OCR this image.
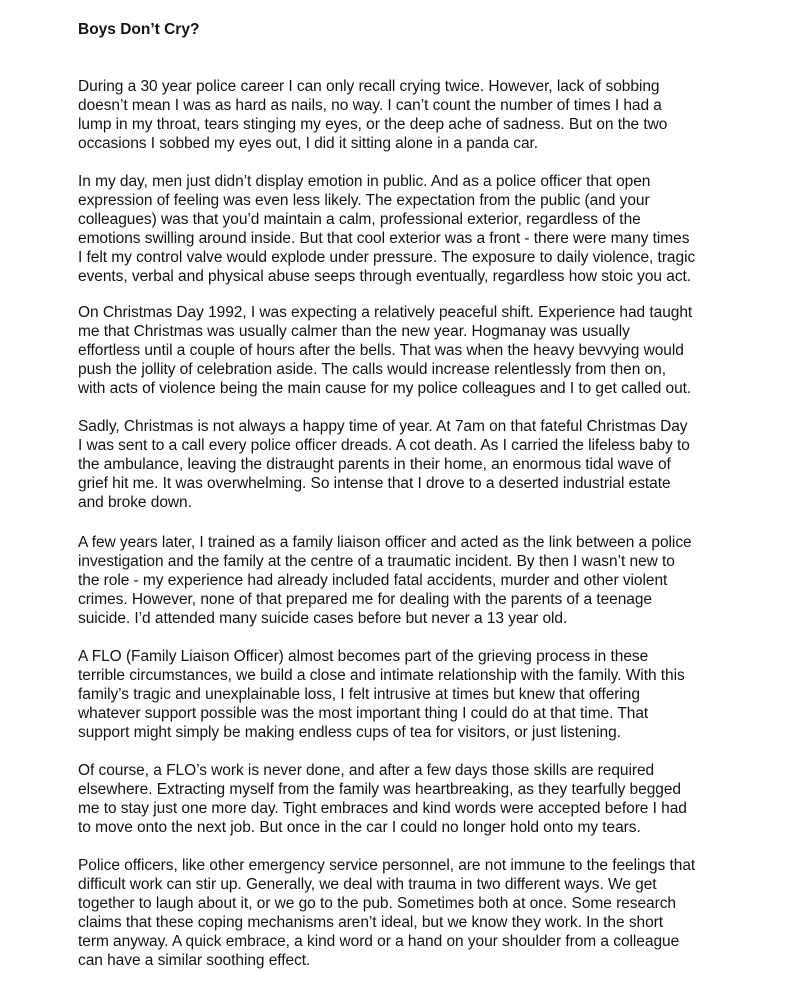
Boys Don’t Cry?

During a 30 year police career I can only recall crying twice. However, lack of sobbing
doesn’t mean I was as hard as nails, no way. I can’t count the number of times I had a
lump in my throat, tears stinging my eyes, or the deep ache of sadness. But on the two
occasions I sobbed my eyes out, I did it sitting alone in a panda car.

In my day, men just didn’t display emotion in public. And as a police officer that open
expression of feeling was even less likely. The expectation from the public (and your
colleagues) was that you’d maintain a calm, professional exterior, regardless of the
emotions swilling around inside. But that cool exterior was a front - there were many times
I felt my control valve would explode under pressure. The exposure to daily violence, tragic
events, verbal and physical abuse seeps through eventually, regardless how stoic you act.

On Christmas Day 1992, I was expecting a relatively peaceful shift. Experience had taught
me that Christmas was usually calmer than the new year. Hogmanay was usually
effortless until a couple of hours after the bells. That was when the heavy bevvying would
push the jollity of celebration aside. The calls would increase relentlessly from then on,
with acts of violence being the main cause for my police colleagues and I to get called out.

Sadly, Christmas is not always a happy time of year. At 7am on that fateful Christmas Day
I was sent to a call every police officer dreads. A cot death. As I carried the lifeless baby to
the ambulance, leaving the distraught parents in their home, an enormous tidal wave of
grief hit me. It was overwhelming. So intense that I drove to a deserted industrial estate
and broke down.

A few years later, I trained as a family liaison officer and acted as the link between a police
investigation and the family at the centre of a traumatic incident. By then I wasn’t new to
the role - my experience had already included fatal accidents, murder and other violent
crimes. However, none of that prepared me for dealing with the parents of a teenage
suicide. I’d attended many suicide cases before but never a 13 year old.

A FLO (Family Liaison Officer) almost becomes part of the grieving process in these
terrible circumstances, we build a close and intimate relationship with the family. With this
family’s tragic and unexplainable loss, I felt intrusive at times but knew that offering
whatever support possible was the most important thing I could do at that time. That
support might simply be making endless cups of tea for visitors, or just listening.

Of course, a FLO’s work is never done, and after a few days those skills are required
elsewhere. Extracting myself from the family was heartbreaking, as they tearfully begged
me to stay just one more day. Tight embraces and kind words were accepted before I had
to move onto the next job. But once in the car I could no longer hold onto my tears.

Police officers, like other emergency service personnel, are not immune to the feelings that
difficult work can stir up. Generally, we deal with trauma in two different ways. We get
together to laugh about it, or we go to the pub. Sometimes both at once. Some research
claims that these coping mechanisms aren’t ideal, but we know they work. In the short
term anyway. A quick embrace, a kind word or a hand on your shoulder from a colleague
can have a similar soothing effect.
